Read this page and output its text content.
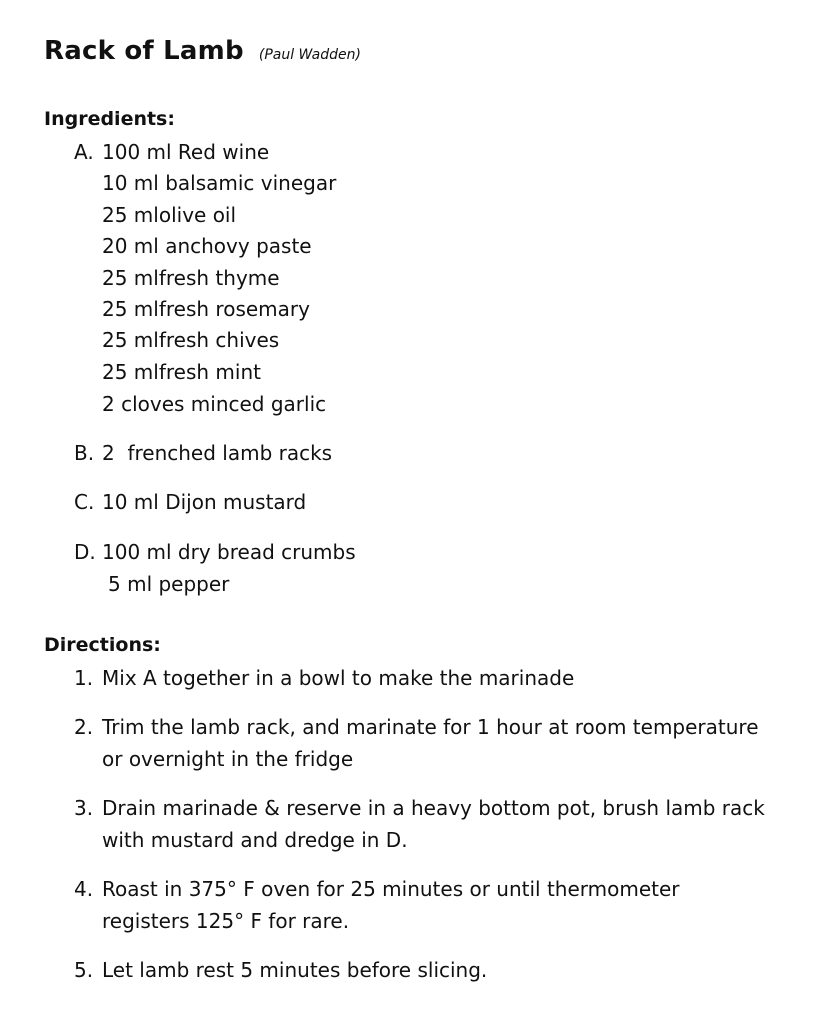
Rack of Lamb (Paul Wadden)
Ingredients:
A. 100 ml Red wine
10 ml balsamic vinegar
25 mlolive oil
20 ml anchovy paste
25 mlfresh thyme
25 mlfresh rosemary
25 mlfresh chives
25 mlfresh mint
2 cloves minced garlic
B. 2  frenched lamb racks
C. 10 ml Dijon mustard
D. 100 ml dry bread crumbs
5 ml pepper
Directions:
1. Mix A together in a bowl to make the marinade
2. Trim the lamb rack, and marinate for 1 hour at room temperature
or overnight in the fridge
3. Drain marinade & reserve in a heavy bottom pot, brush lamb rack
with mustard and dredge in D.
4. Roast in 375° F oven for 25 minutes or until thermometer
registers 125° F for rare.
5. Let lamb rest 5 minutes before slicing.
